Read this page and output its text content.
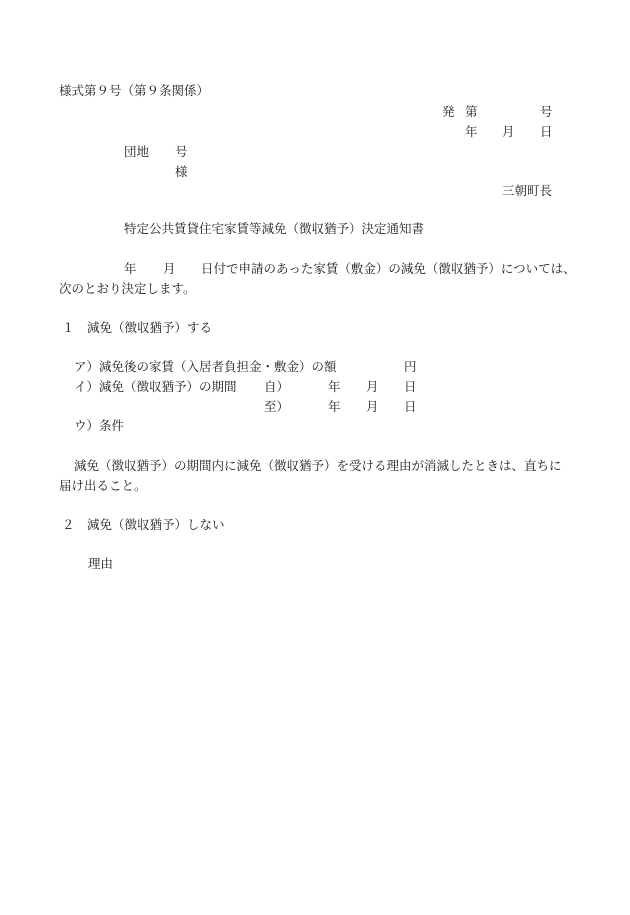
様式第９号（第９条関係）
発 第	号
年 月 日
団地 号
様
三朝町長
特定公共賃貸住宅家賃等減免（徴収猶予）決定通知書
年 月 日付で申請のあった家賃（敷金）の減免（徴収猶予）については、
次のとおり決定します。
１　減免（徴収猶予）する
ア）減免後の家賃（入居者負担金・敷金）の額	円
イ）減免（徴収猶予）の期間 自）	年 月 日
至）	年 月 日
ウ）条件
減免（徴収猶予）の期間内に減免（徴収猶予）を受ける理由が消滅したときは、直ちに
届け出ること。
２　減免（徴収猶予）しない
理由
